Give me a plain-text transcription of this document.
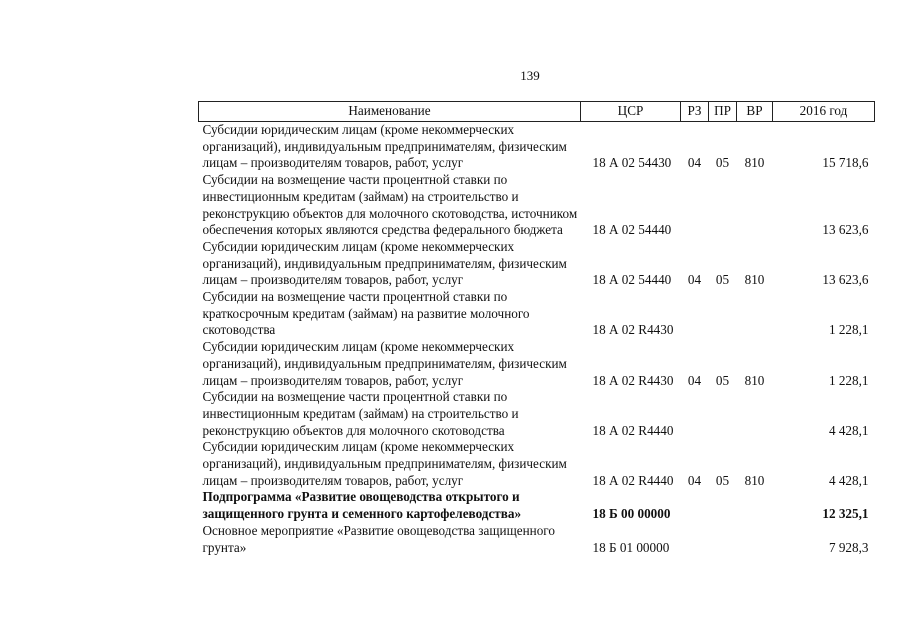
139
Наименование	ЦСР	РЗ	ПР	ВР	2016 год
Субсидии юридическим лицам (кроме некоммерческих организаций), индивидуальным предпринимателям, физическим лицам – производителям товаров, работ, услуг	18 А 02 54430	04	05	810	15 718,6
Субсидии на возмещение части процентной ставки по инвестиционным кредитам (займам) на строительство и реконструкцию объектов для молочного скотоводства, источником обеспечения которых являются средства федерального бюджета	18 А 02 54440				13 623,6
Субсидии юридическим лицам (кроме некоммерческих организаций), индивидуальным предпринимателям, физическим лицам – производителям товаров, работ, услуг	18 А 02 54440	04	05	810	13 623,6
Субсидии на возмещение части процентной ставки по краткосрочным кредитам (займам) на развитие молочного скотоводства	18 А 02 R4430				1 228,1
Субсидии юридическим лицам (кроме некоммерческих организаций), индивидуальным предпринимателям, физическим лицам – производителям товаров, работ, услуг	18 А 02 R4430	04	05	810	1 228,1
Субсидии на возмещение части процентной ставки по инвестиционным кредитам (займам) на строительство и реконструкцию объектов для молочного скотоводства	18 А 02 R4440				4 428,1
Субсидии юридическим лицам (кроме некоммерческих организаций), индивидуальным предпринимателям, физическим лицам – производителям товаров, работ, услуг	18 А 02 R4440	04	05	810	4 428,1
Подпрограмма «Развитие овощеводства открытого и защищенного грунта и семенного картофелеводства»	18 Б 00 00000				12 325,1
Основное мероприятие «Развитие овощеводства защищенного грунта»	18 Б 01 00000				7 928,3
